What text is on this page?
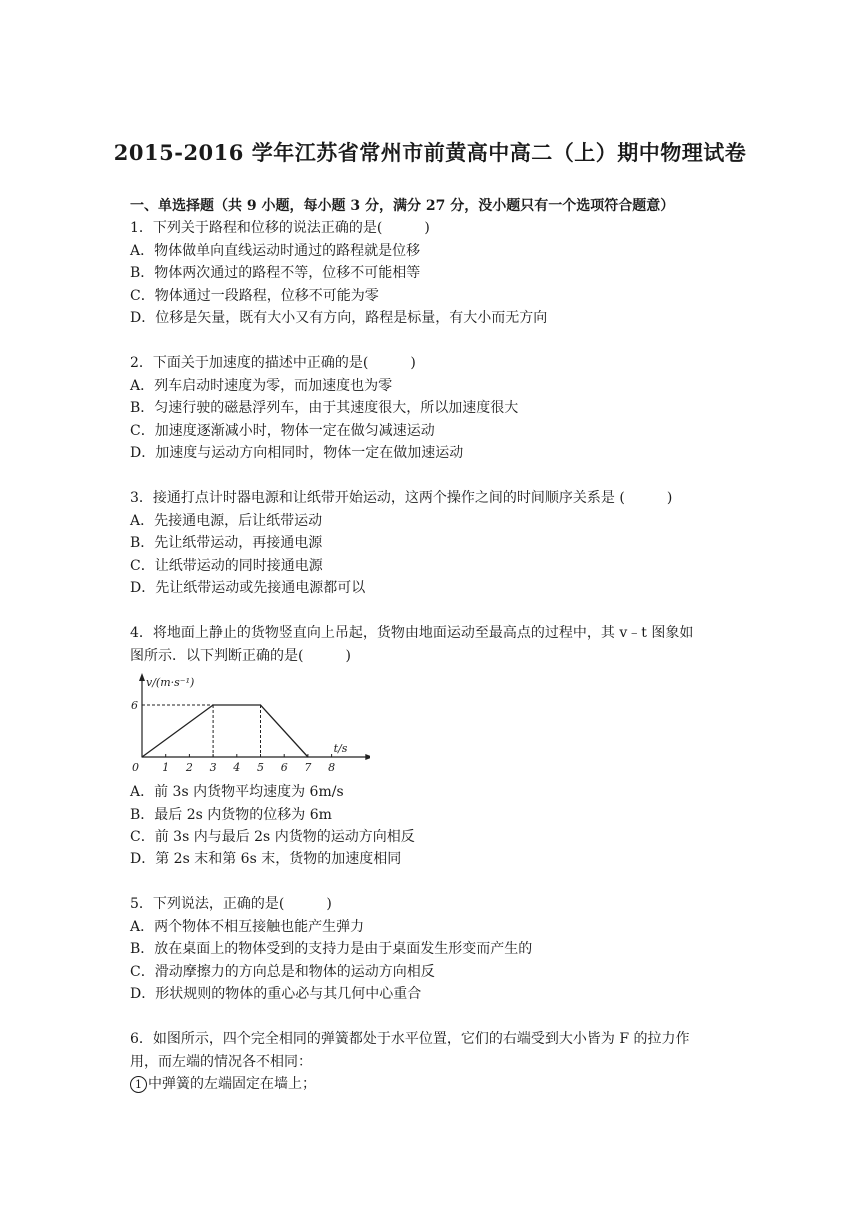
2015-2016 学年江苏省常州市前黄高中高二（上）期中物理试卷
一、单选择题（共 9 小题，每小题 3 分，满分 27 分，没小题只有一个选项符合题意）
1．下列关于路程和位移的说法正确的是(　　　)
A．物体做单向直线运动时通过的路程就是位移
B．物体两次通过的路程不等，位移不可能相等
C．物体通过一段路程，位移不可能为零
D．位移是矢量，既有大小又有方向，路程是标量，有大小而无方向
2．下面关于加速度的描述中正确的是(　　　)
A．列车启动时速度为零，而加速度也为零
B．匀速行驶的磁悬浮列车，由于其速度很大，所以加速度很大
C．加速度逐渐减小时，物体一定在做匀减速运动
D．加速度与运动方向相同时，物体一定在做加速运动
3．接通打点计时器电源和让纸带开始运动，这两个操作之间的时间顺序关系是 (　　　)
A．先接通电源，后让纸带运动
B．先让纸带运动，再接通电源
C．让纸带运动的同时接通电源
D．先让纸带运动或先接通电源都可以
4．将地面上静止的货物竖直向上吊起，货物由地面运动至最高点的过程中，其 v﹣t 图象如
图所示．以下判断正确的是(　　　)
v/(m·s⁻¹)
t/s
0 1 2 3 4 5 6 7 8
6
A．前 3s 内货物平均速度为 6m/s
B．最后 2s 内货物的位移为 6m
C．前 3s 内与最后 2s 内货物的运动方向相反
D．第 2s 末和第 6s 末，货物的加速度相同
5．下列说法，正确的是(　　　)
A．两个物体不相互接触也能产生弹力
B．放在桌面上的物体受到的支持力是由于桌面发生形变而产生的
C．滑动摩擦力的方向总是和物体的运动方向相反
D．形状规则的物体的重心必与其几何中心重合
6．如图所示，四个完全相同的弹簧都处于水平位置，它们的右端受到大小皆为 F 的拉力作
用，而左端的情况各不相同：
1 中弹簧的左端固定在墙上；
